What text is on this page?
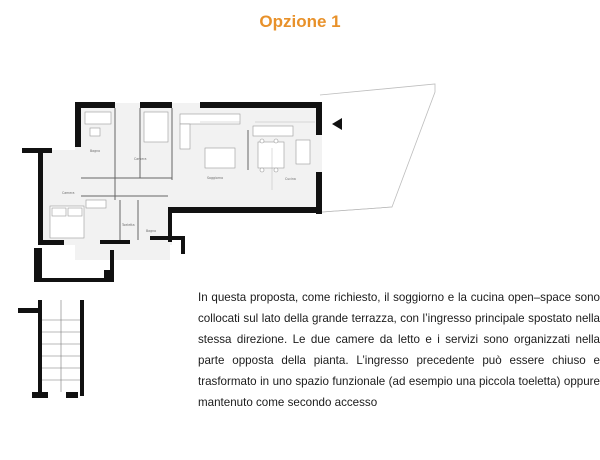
Opzione 1
Bagno
Camera
Soggiorno	Cucina
Camera
Toeletta
Bagno
In questa proposta, come richiesto, il soggiorno e la cucina open–space sono collocati sul lato della grande terrazza, con l’ingresso principale spostato nella stessa direzione. Le due camere da letto e i servizi sono organizzati nella parte opposta della pianta. L’ingresso precedente può essere chiuso e trasformato in uno spazio funzionale (ad esempio una piccola toeletta) oppure mantenuto come secondo accesso
